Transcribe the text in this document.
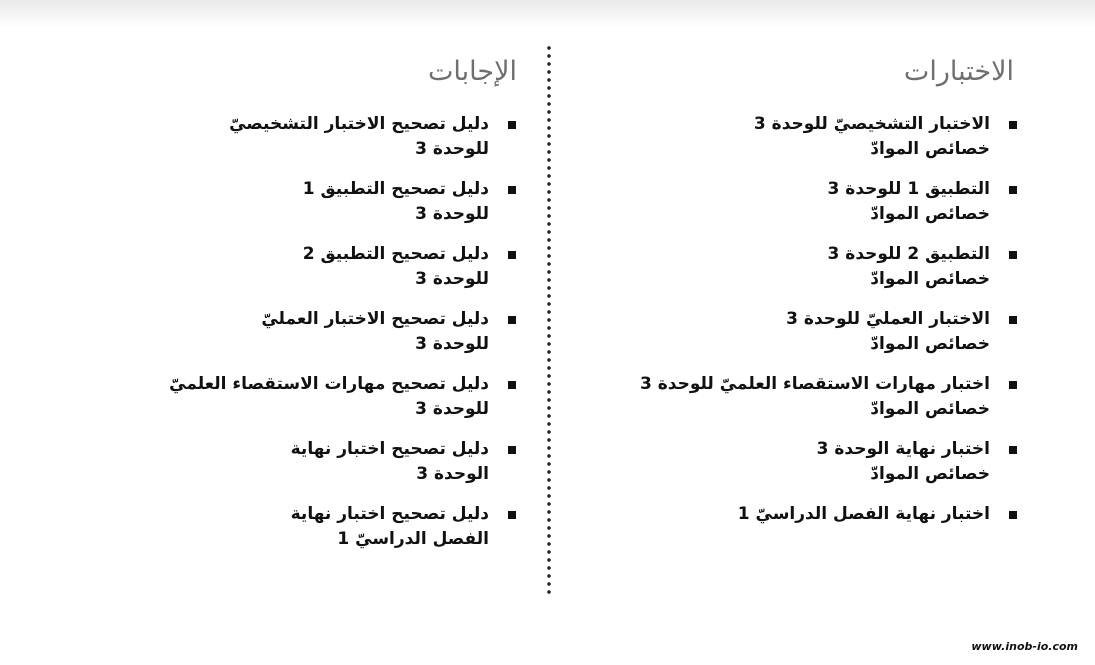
الاختبارات
الاختبار التشخيصيّ للوحدة 3
خصائص الموادّ
التطبيق 1 للوحدة 3
خصائص الموادّ
التطبيق 2 للوحدة 3
خصائص الموادّ
الاختبار العمليّ للوحدة 3
خصائص الموادّ
اختبار مهارات الاستقصاء العلميّ للوحدة 3
خصائص الموادّ
اختبار نهاية الوحدة 3
خصائص الموادّ
اختبار نهاية الفصل الدراسيّ 1
الإجابات
دليل تصحيح الاختبار التشخيصيّ
للوحدة 3
دليل تصحيح التطبيق 1
للوحدة 3
دليل تصحيح التطبيق 2
للوحدة 3
دليل تصحيح الاختبار العمليّ
للوحدة 3
دليل تصحيح مهارات الاستقصاء العلميّ
للوحدة 3
دليل تصحيح اختبار نهاية
الوحدة 3
دليل تصحيح اختبار نهاية
الفصل الدراسيّ 1
www.inob-io.com
